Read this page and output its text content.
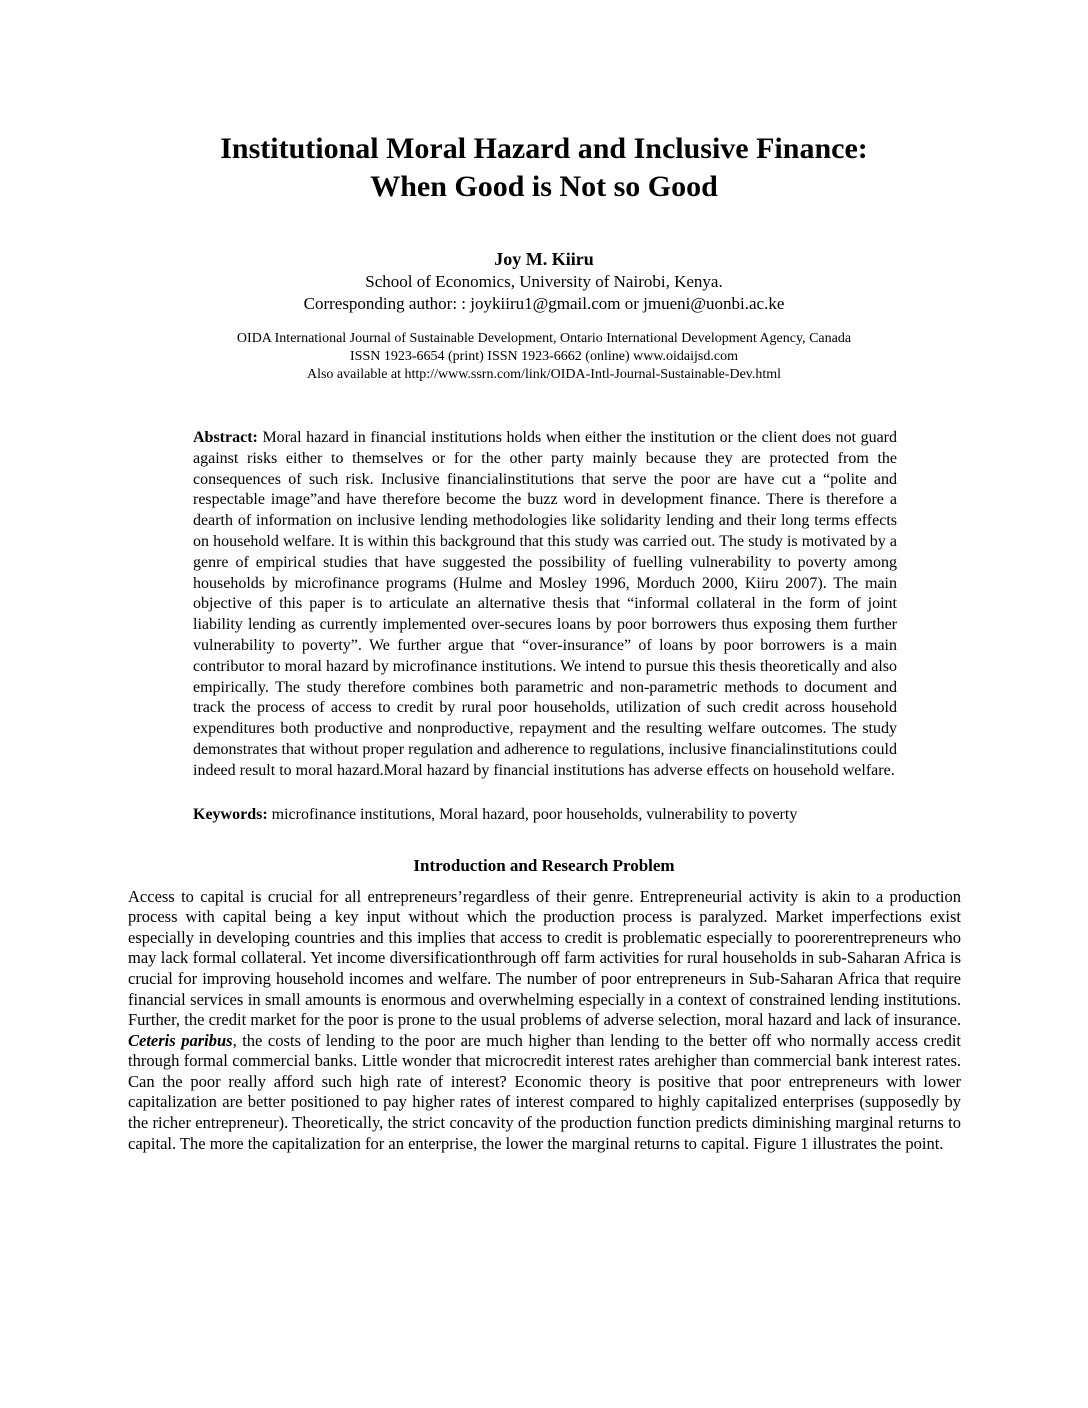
Institutional Moral Hazard and Inclusive Finance:
When Good is Not so Good
Joy M. Kiiru
School of Economics, University of Nairobi, Kenya.
Corresponding author: : joykiiru1@gmail.com or jmueni@uonbi.ac.ke
OIDA International Journal of Sustainable Development, Ontario International Development Agency, Canada
ISSN 1923-6654 (print) ISSN 1923-6662 (online) www.oidaijsd.com
Also available at http://www.ssrn.com/link/OIDA-Intl-Journal-Sustainable-Dev.html

Abstract: Moral hazard in financial institutions holds when either the institution or the client does not guard against risks either to themselves or for the other party mainly because they are protected from the consequences of such risk. Inclusive financialinstitutions that serve the poor are have cut a “polite and respectable image”and have therefore become the buzz word in development finance. There is therefore a dearth of information on inclusive lending methodologies like solidarity lending and their long terms effects on household welfare. It is within this background that this study was carried out. The study is motivated by a genre of empirical studies that have suggested the possibility of fuelling vulnerability to poverty among households by microfinance programs (Hulme and Mosley 1996, Morduch 2000, Kiiru 2007). The main objective of this paper is to articulate an alternative thesis that “informal collateral in the form of joint liability lending as currently implemented over-secures loans by poor borrowers thus exposing them further vulnerability to poverty”. We further argue that “over-insurance” of loans by poor borrowers is a main contributor to moral hazard by microfinance institutions. We intend to pursue this thesis theoretically and also empirically. The study therefore combines both parametric and non-parametric methods to document and track the process of access to credit by rural poor households, utilization of such credit across household expenditures both productive and nonproductive, repayment and the resulting welfare outcomes. The study demonstrates that without proper regulation and adherence to regulations, inclusive financialinstitutions could indeed result to moral hazard.Moral hazard by financial institutions has adverse effects on household welfare.

Keywords: microfinance institutions, Moral hazard, poor households, vulnerability to poverty

Introduction and Research Problem

Access to capital is crucial for all entrepreneurs’regardless of their genre. Entrepreneurial activity is akin to a production process with capital being a key input without which the production process is paralyzed. Market imperfections exist especially in developing countries and this implies that access to credit is problematic especially to poorerentrepreneurs who may lack formal collateral. Yet income diversificationthrough off farm activities for rural households in sub-Saharan Africa is crucial for improving household incomes and welfare. The number of poor entrepreneurs in Sub-Saharan Africa that require financial services in small amounts is enormous and overwhelming especially in a context of constrained lending institutions. Further, the credit market for the poor is prone to the usual problems of adverse selection, moral hazard and lack of insurance. Ceteris paribus, the costs of lending to the poor are much higher than lending to the better off who normally access credit through formal commercial banks. Little wonder that microcredit interest rates arehigher than commercial bank interest rates. Can the poor really afford such high rate of interest? Economic theory is positive that poor entrepreneurs with lower capitalization are better positioned to pay higher rates of interest compared to highly capitalized enterprises (supposedly by the richer entrepreneur). Theoretically, the strict concavity of the production function predicts diminishing marginal returns to capital. The more the capitalization for an enterprise, the lower the marginal returns to capital. Figure 1 illustrates the point.
